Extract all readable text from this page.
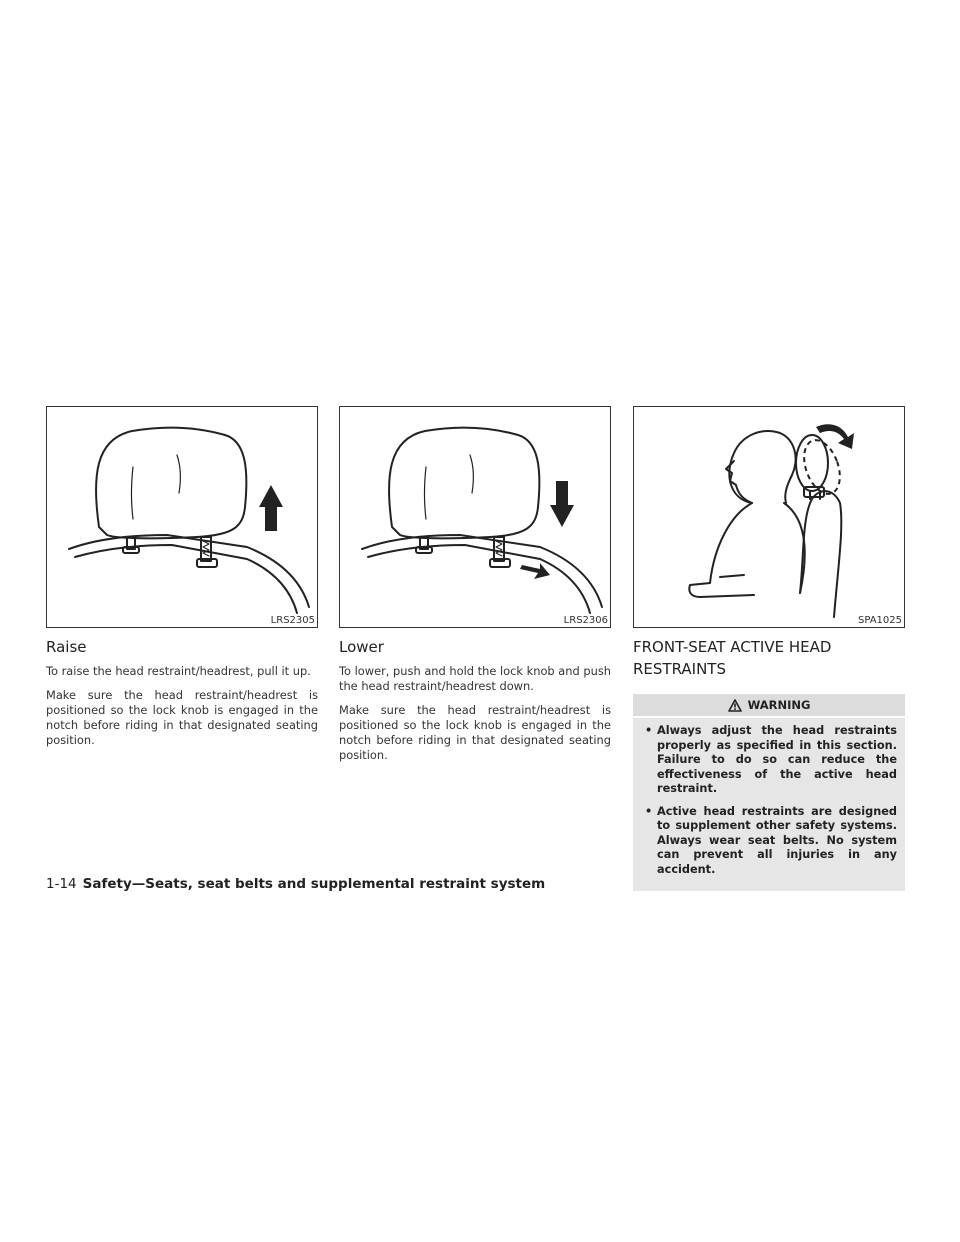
LRS2305
Raise

To raise the head restraint/headrest, pull it up.

Make sure the head restraint/headrest is positioned so the lock knob is engaged in the notch before riding in that designated seating position.

LRS2306
Lower

To lower, push and hold the lock knob and push the head restraint/headrest down.

Make sure the head restraint/headrest is positioned so the lock knob is engaged in the notch before riding in that designated seating position.

SPA1025
FRONT-SEAT ACTIVE HEAD RESTRAINTS
WARNING
• Always adjust the head restraints properly as specified in this section. Failure to do so can reduce the effectiveness of the active head restraint.
• Active head restraints are designed to supplement other safety systems. Always wear seat belts. No system can prevent all injuries in any accident.
1-14 Safety—Seats, seat belts and supplemental restraint system
